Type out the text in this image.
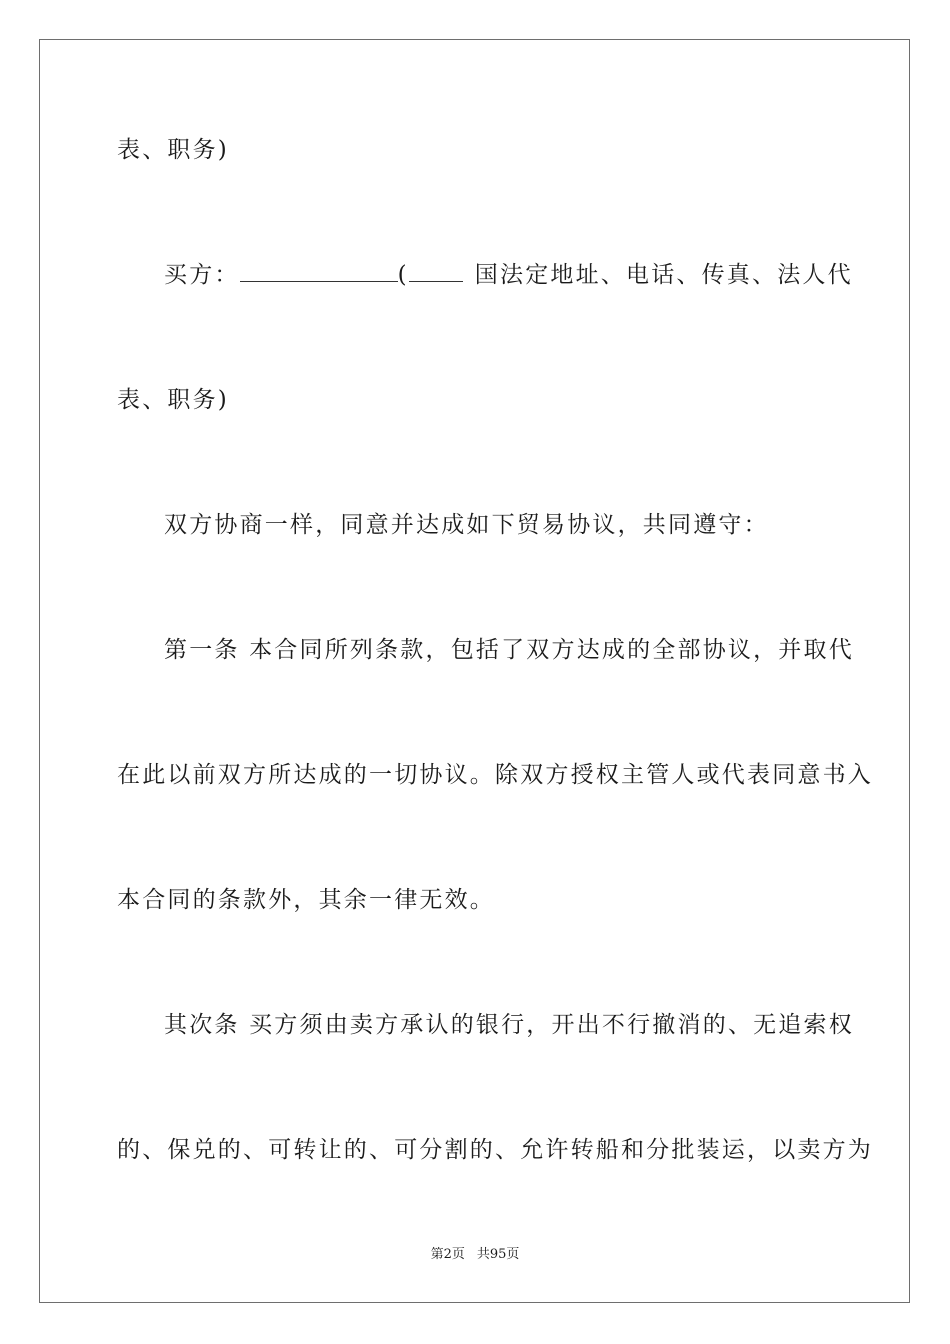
表、职务)
买方：	(	国法定地址、电话、传真、法人代
表、职务)
双方协商一样，同意并达成如下贸易协议，共同遵守：
第一条 本合同所列条款，包括了双方达成的全部协议，并取代
在此以前双方所达成的一切协议。除双方授权主管人或代表同意书入
本合同的条款外，其余一律无效。
其次条 买方须由卖方承认的银行，开出不行撤消的、无追索权
的、保兑的、可转让的、可分割的、允许转船和分批装运，以卖方为
第2页 共95页
